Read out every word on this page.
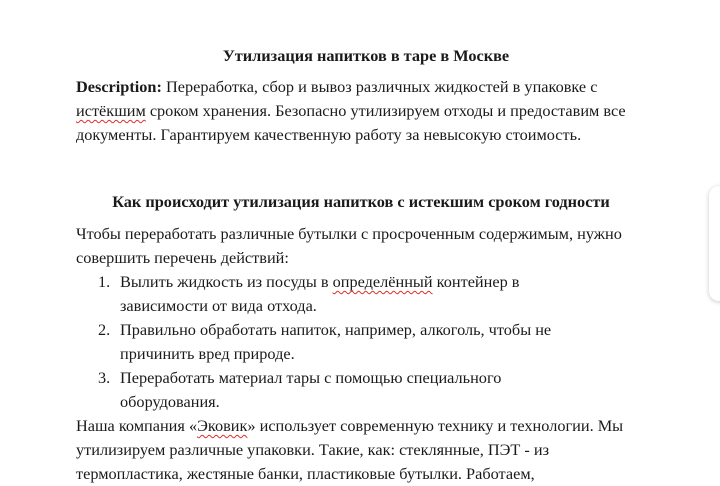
Утилизация напитков в таре в Москве
Description: Переработка, сбор и вывоз различных жидкостей в упаковке с истёкшим сроком хранения. Безопасно утилизируем отходы и предоставим все документы. Гарантируем качественную работу за невысокую стоимость.
Как происходит утилизация напитков с истекшим сроком годности
Чтобы переработать различные бутылки с просроченным содержимым, нужно совершить перечень действий:
1. Вылить жидкость из посуды в определённый контейнер в зависимости от вида отхода.
2. Правильно обработать напиток, например, алкоголь, чтобы не причинить вред природе.
3. Переработать материал тары с помощью специального оборудования.
Наша компания «Эковик» использует современную технику и технологии. Мы утилизируем различные упаковки. Такие, как: стеклянные, ПЭТ - из термопластика, жестяные банки, пластиковые бутылки. Работаем,
